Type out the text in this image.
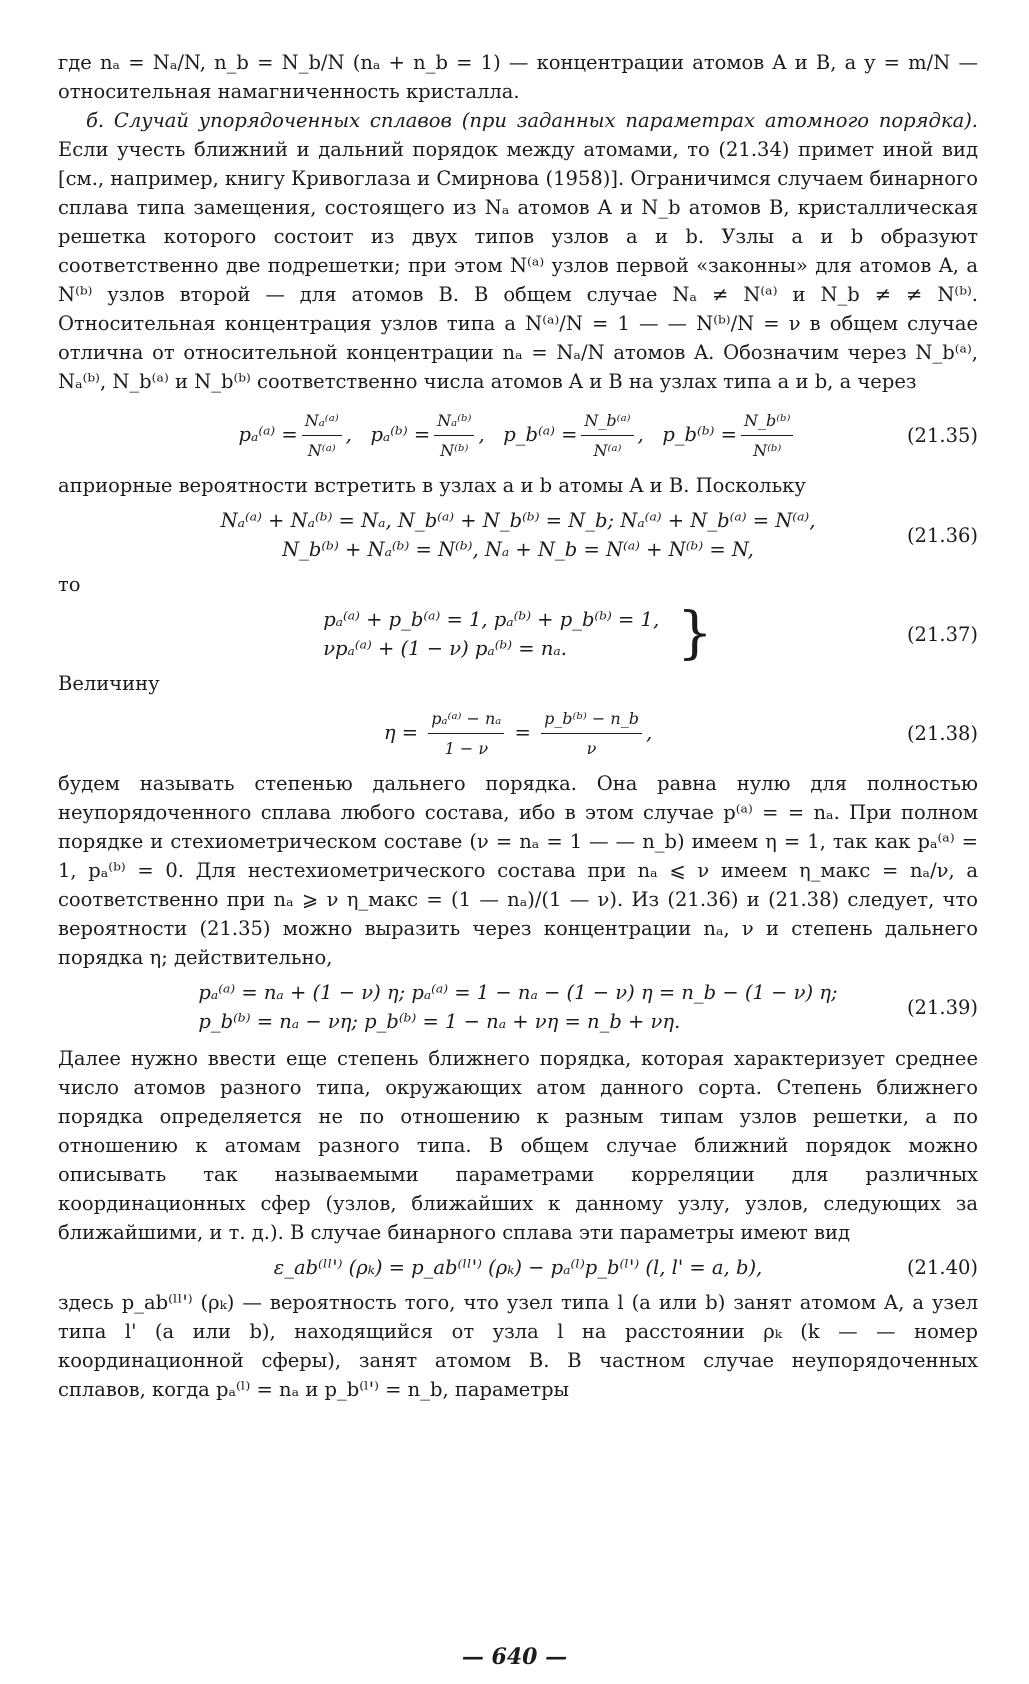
где nₐ = Nₐ/N, n_b = N_b/N (nₐ + n_b = 1) — концентрации атомов A и B, а y = m/N — относительная намагниченность кристалла.

б. Случай упорядоченных сплавов (при заданных параметрах атомного порядка). Если учесть ближний и дальний порядок между атомами, то (21.34) примет иной вид [см., например, книгу Кривоглаза и Смирнова (1958)]. Ограничимся случаем бинарного сплава типа замещения, состоящего из Nₐ атомов A и N_b атомов B, кристаллическая решетка которого состоит из двух типов узлов a и b. Узлы a и b образуют соответственно две подрешетки; при этом N⁽ᵃ⁾ узлов первой «законны» для атомов A, а N⁽ᵇ⁾ узлов второй — для атомов B. В общем случае Nₐ ≠ N⁽ᵃ⁾ и N_b ≠ ≠ N⁽ᵇ⁾. Относительная концентрация узлов типа a N⁽ᵃ⁾/N = 1 — — N⁽ᵇ⁾/N = ν в общем случае отлична от относительной концентрации nₐ = Nₐ/N атомов A. Обозначим через N_b⁽ᵃ⁾, Nₐ⁽ᵇ⁾, N_b⁽ᵃ⁾ и N_b⁽ᵇ⁾ соответственно числа атомов A и B на узлах типа a и b, а через

pₐ⁽ᵃ⁾ = $\frac{\text{Nₐ⁽ᵃ⁾}}{\text{N⁽ᵃ⁾}}$ ,   pₐ⁽ᵇ⁾ = $\frac{\text{Nₐ⁽ᵇ⁾}}{\text{N⁽ᵇ⁾}}$ ,   p_b⁽ᵃ⁾ = $\frac{\text{N\_b⁽ᵃ⁾}}{\text{N⁽ᵃ⁾}}$ ,   p_b⁽ᵇ⁾ = $\frac{\text{N\_b⁽ᵇ⁾}}{\text{N⁽ᵇ⁾}}$	(21.35)

априорные вероятности встретить в узлах a и b атомы A и B. Поскольку

Nₐ⁽ᵃ⁾ + Nₐ⁽ᵇ⁾ = Nₐ, N_b⁽ᵃ⁾ + N_b⁽ᵇ⁾ = N_b; Nₐ⁽ᵃ⁾ + N_b⁽ᵃ⁾ = N⁽ᵃ⁾,
N_b⁽ᵇ⁾ + Nₐ⁽ᵇ⁾ = N⁽ᵇ⁾, Nₐ + N_b = N⁽ᵃ⁾ + N⁽ᵇ⁾ = N,
(21.36)

то

pₐ⁽ᵃ⁾ + p_b⁽ᵃ⁾ = 1, pₐ⁽ᵇ⁾ + p_b⁽ᵇ⁾ = 1,
νpₐ⁽ᵃ⁾ + (1 − ν) pₐ⁽ᵇ⁾ = nₐ.	}	(21.37)

Величину

$\eta = \frac{\text{pₐ⁽ᵃ⁾ − nₐ}}{1 - \nu} = \frac{\text{p\_b⁽ᵇ⁾ − n\_b}}{\nu}$ ,	(21.38)

будем называть степенью дальнего порядка. Она равна нулю для полностью неупорядоченного сплава любого состава, ибо в этом случае p⁽ᵃ⁾ = = nₐ. При полном порядке и стехиометрическом составе (ν = nₐ = 1 — — n_b) имеем η = 1, так как pₐ⁽ᵃ⁾ = 1, pₐ⁽ᵇ⁾ = 0. Для нестехиометрического состава при nₐ ⩽ ν имеем η_макс = nₐ/ν, а соответственно при nₐ ⩾ ν η_макс = (1 — nₐ)/(1 — ν). Из (21.36) и (21.38) следует, что вероятности (21.35) можно выразить через концентрации nₐ, ν и степень дальнего порядка η; действительно,

pₐ⁽ᵃ⁾ = nₐ + (1 − ν) η; pₐ⁽ᵃ⁾ = 1 − nₐ − (1 − ν) η = n_b − (1 − ν) η;
p_b⁽ᵇ⁾ = nₐ − νη; p_b⁽ᵇ⁾ = 1 − nₐ + νη = n_b + νη.
(21.39)

Далее нужно ввести еще степень ближнего порядка, которая характеризует среднее число атомов разного типа, окружающих атом данного сорта. Степень ближнего порядка определяется не по отношению к разным типам узлов решетки, а по отношению к атомам разного типа. В общем случае ближний порядок можно описывать так называемыми параметрами корреляции для различных координационных сфер (узлов, ближайших к данному узлу, узлов, следующих за ближайшими, и т. д.). В случае бинарного сплава эти параметры имеют вид

ε_ab⁽ˡˡ'⁾ (ρₖ) = p_ab⁽ˡˡ'⁾ (ρₖ) − pₐ⁽ˡ⁾p_b⁽ˡ'⁾ (l, l' = a, b),	(21.40)

здесь p_ab⁽ˡˡ'⁾ (ρₖ) — вероятность того, что узел типа l (a или b) занят атомом A, а узел типа l' (a или b), находящийся от узла l на расстоянии ρₖ (k — — номер координационной сферы), занят атомом B. В частном случае неупорядоченных сплавов, когда pₐ⁽ˡ⁾ = nₐ и p_b⁽ˡ'⁾ = n_b, параметры

— 640 —
